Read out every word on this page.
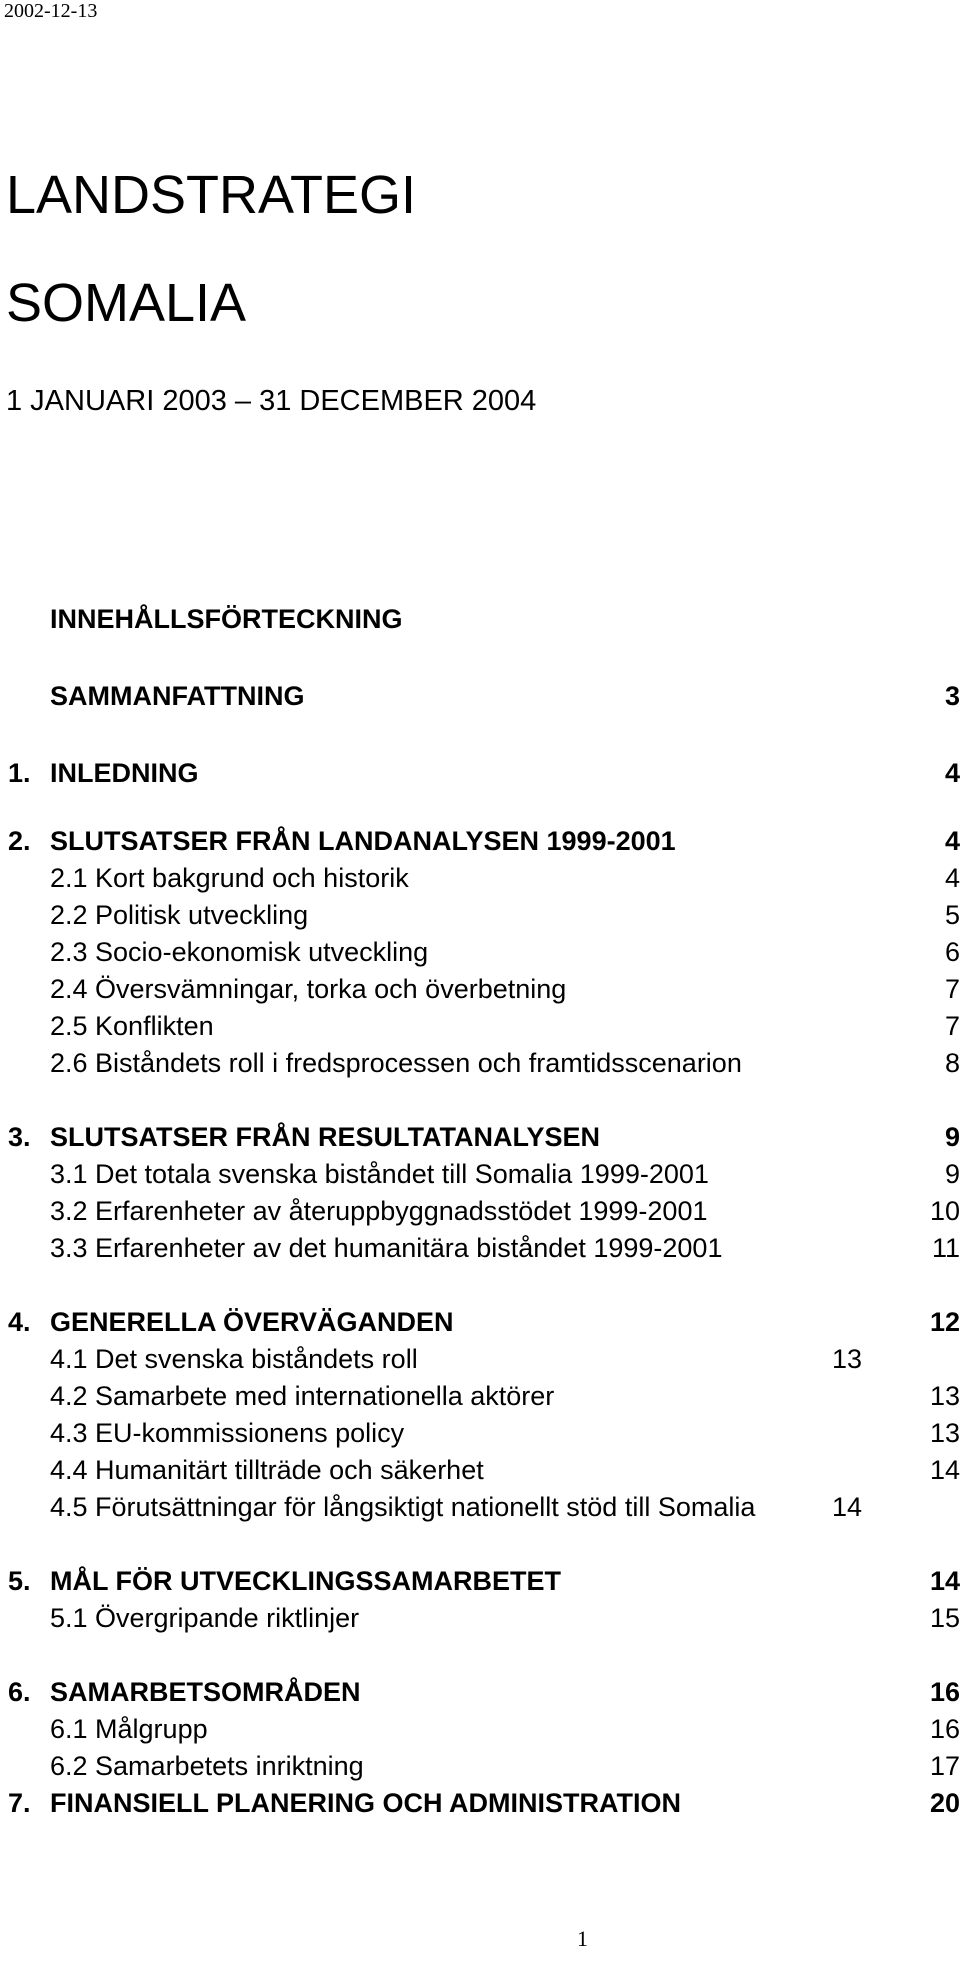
2002-12-13
LANDSTRATEGI
SOMALIA
1 JANUARI 2003 – 31 DECEMBER 2004
INNEHÅLLSFÖRTECKNING
SAMMANFATTNING	3
1. INLEDNING	4
2. SLUTSATSER FRÅN LANDANALYSEN 1999-2001	4
2.1 Kort bakgrund och historik	4
2.2 Politisk utveckling	5
2.3 Socio-ekonomisk utveckling	6
2.4 Översvämningar, torka och överbetning	7
2.5 Konflikten	7
2.6 Biståndets roll i fredsprocessen och framtidsscenarion	8
3. SLUTSATSER FRÅN RESULTATANALYSEN	9
3.1 Det totala svenska biståndet till Somalia 1999-2001	9
3.2 Erfarenheter av återuppbyggnadsstödet 1999-2001	10
3.3 Erfarenheter av det humanitära biståndet 1999-2001	11
4. GENERELLA ÖVERVÄGANDEN	12
4.1 Det svenska biståndets roll	13
4.2 Samarbete med internationella aktörer	13
4.3 EU-kommissionens policy	13
4.4 Humanitärt tillträde och säkerhet	14
4.5 Förutsättningar för långsiktigt nationellt stöd till Somalia	14
5. MÅL FÖR UTVECKLINGSSAMARBETET	14
5.1 Övergripande riktlinjer	15
6. SAMARBETSOMRÅDEN	16
6.1 Målgrupp	16
6.2 Samarbetets inriktning	17
7. FINANSIELL PLANERING OCH ADMINISTRATION	20
1
